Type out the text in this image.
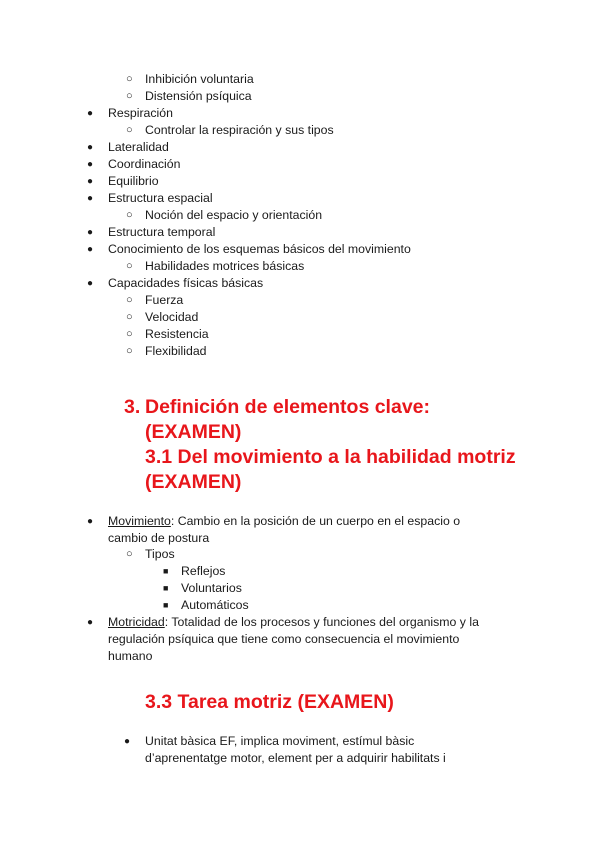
○ Inhibición voluntaria
○ Distensión psíquica
● Respiración
○ Controlar la respiración y sus tipos
● Lateralidad
● Coordinación
● Equilibrio
● Estructura espacial
○ Noción del espacio y orientación
● Estructura temporal
● Conocimiento de los esquemas básicos del movimiento
○ Habilidades motrices básicas
● Capacidades físicas básicas
○ Fuerza
○ Velocidad
○ Resistencia
○ Flexibilidad
3. Definición de elementos clave:
(EXAMEN)
3.1 Del movimiento a la habilidad motriz
(EXAMEN)
● Movimiento: Cambio en la posición de un cuerpo en el espacio o
cambio de postura
○ Tipos
■ Reflejos
■ Voluntarios
■ Automáticos
● Motricidad: Totalidad de los procesos y funciones del organismo y la
regulación psíquica que tiene como consecuencia el movimiento
humano
3.3 Tarea motriz (EXAMEN)
● Unitat bàsica EF, implica moviment, estímul bàsic
d’aprenentatge motor, element per a adquirir habilitats i
